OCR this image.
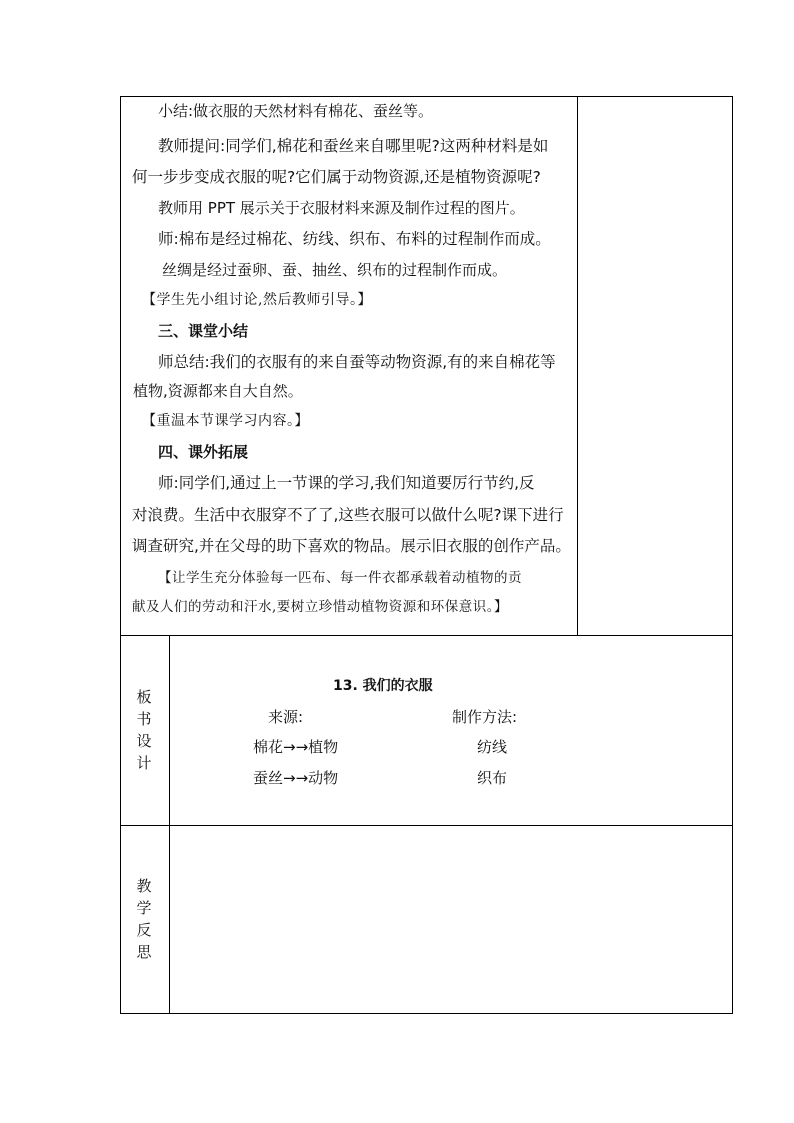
小结:做衣服的天然材料有棉花、蚕丝等。
教师提问:同学们,棉花和蚕丝来自哪里呢?这两种材料是如
何一步步变成衣服的呢?它们属于动物资源,还是植物资源呢?
教师用 PPT 展示关于衣服材料来源及制作过程的图片。
师:棉布是经过棉花、纺线、织布、布料的过程制作而成。
丝绸是经过蚕卵、蚕、抽丝、织布的过程制作而成。
【学生先小组讨论,然后教师引导。】
三、课堂小结
师总结:我们的衣服有的来自蚕等动物资源,有的来自棉花等
植物,资源都来自大自然。
【重温本节课学习内容。】
四、课外拓展
师:同学们,通过上一节课的学习,我们知道要厉行节约,反
对浪费。生活中衣服穿不了了,这些衣服可以做什么呢?课下进行
调查研究,并在父母的助下喜欢的物品。展示旧衣服的创作产品。
【让学生充分体验每一匹布、每一件衣都承载着动植物的贡
献及人们的劳动和汗水,要树立珍惜动植物资源和环保意识。】
板
书
设
计
13. 我们的衣服
来源:	制作方法:
棉花→→植物	纺线
蚕丝→→动物	织布
教
学
反
思
